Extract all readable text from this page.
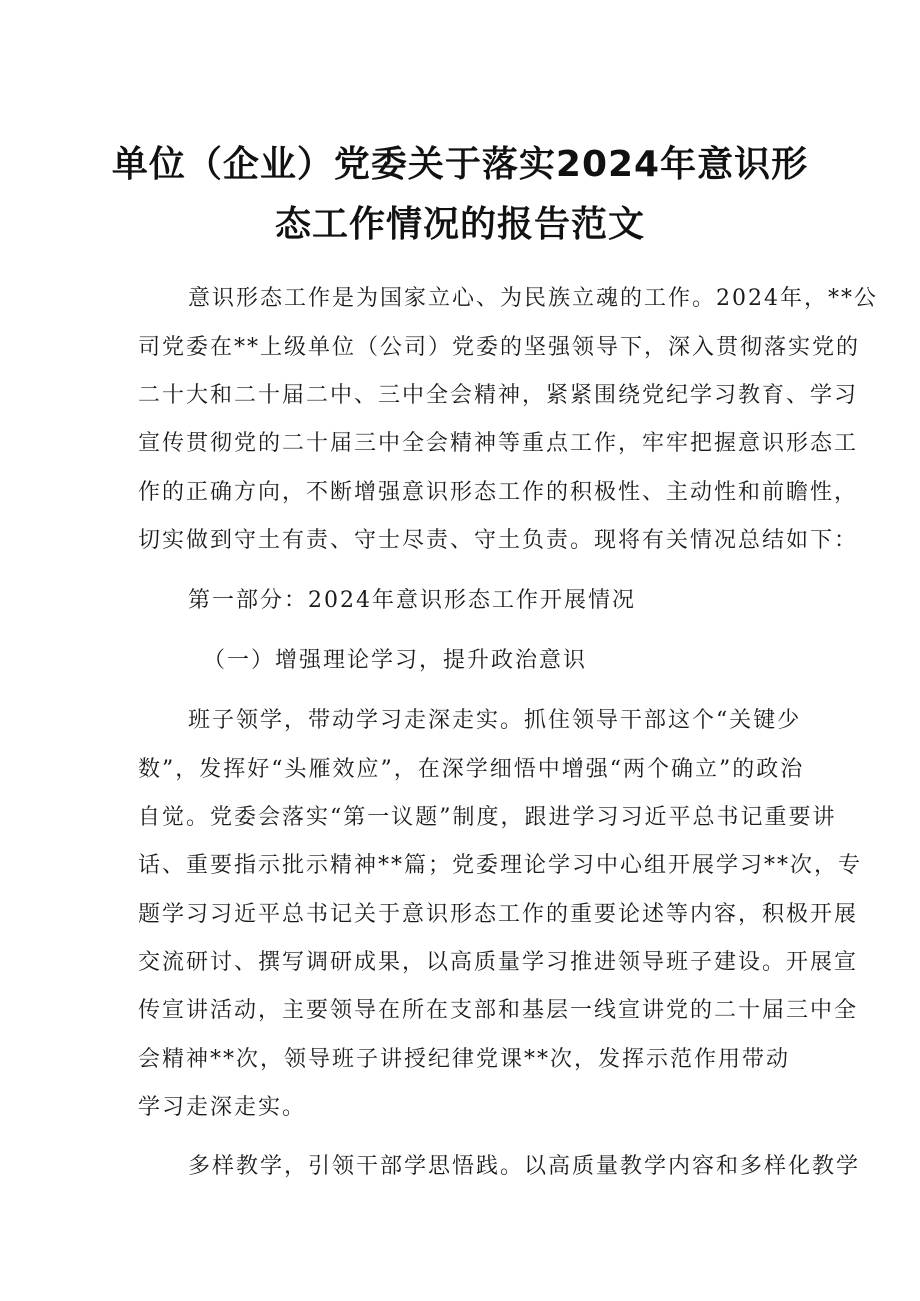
单位（企业）党委关于落实2024年意识形
态工作情况的报告范文
意识形态工作是为国家立心、为民族立魂的工作。2024年，**公
司党委在**上级单位（公司）党委的坚强领导下，深入贯彻落实党的
二十大和二十届二中、三中全会精神，紧紧围绕党纪学习教育、学习
宣传贯彻党的二十届三中全会精神等重点工作，牢牢把握意识形态工
作的正确方向，不断增强意识形态工作的积极性、主动性和前瞻性，
切实做到守土有责、守士尽责、守土负责。现将有关情况总结如下：
第一部分：2024年意识形态工作开展情况
（一）增强理论学习，提升政治意识
班子领学，带动学习走深走实。抓住领导干部这个“关键少
数”，发挥好“头雁效应”，在深学细悟中增强“两个确立”的政治
自觉。党委会落实“第一议题”制度，跟进学习习近平总书记重要讲
话、重要指示批示精神**篇；党委理论学习中心组开展学习**次，专
题学习习近平总书记关于意识形态工作的重要论述等内容，积极开展
交流研讨、撰写调研成果，以高质量学习推进领导班子建设。开展宣
传宣讲活动，主要领导在所在支部和基层一线宣讲党的二十届三中全
会精神**次，领导班子讲授纪律党课**次，发挥示范作用带动
学习走深走实。
多样教学，引领干部学思悟践。以高质量教学内容和多样化教学
